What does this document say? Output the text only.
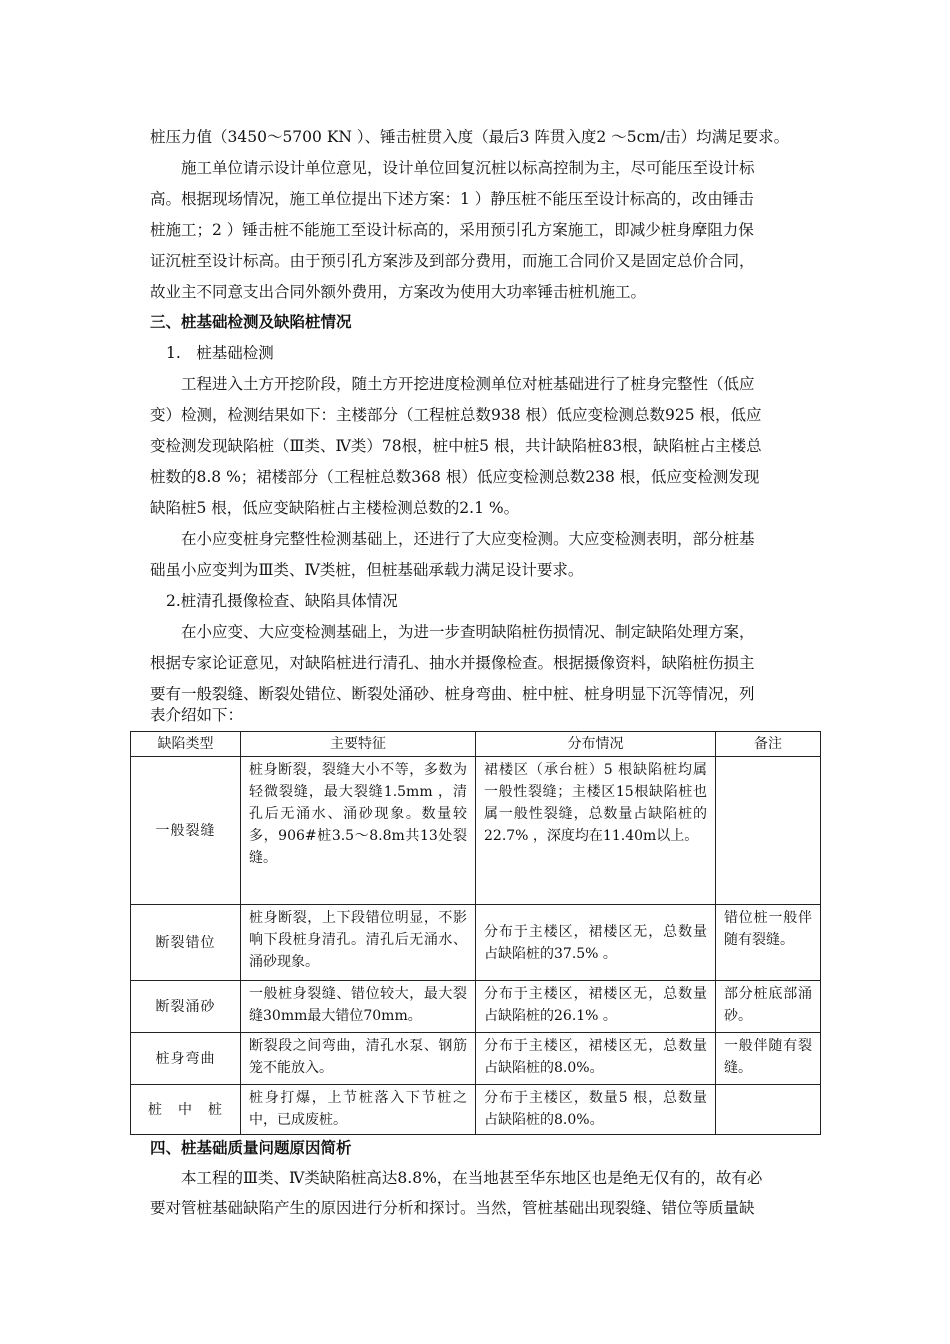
桩压力值（3450～5700 KN ）、锤击桩贯入度（最后3 阵贯入度2 ～5cm/击）均满足要求。
施工单位请示设计单位意见，设计单位回复沉桩以标高控制为主，尽可能压至设计标
高。根据现场情况，施工单位提出下述方案：1 ）静压桩不能压至设计标高的，改由锤击
桩施工；2 ）锤击桩不能施工至设计标高的，采用预引孔方案施工，即减少桩身摩阻力保
证沉桩至设计标高。由于预引孔方案涉及到部分费用，而施工合同价又是固定总价合同，
故业主不同意支出合同外额外费用，方案改为使用大功率锤击桩机施工。
三、桩基础检测及缺陷桩情况
1.　桩基础检测
工程进入土方开挖阶段，随土方开挖进度检测单位对桩基础进行了桩身完整性（低应
变）检测，检测结果如下：主楼部分（工程桩总数938 根）低应变检测总数925 根，低应
变检测发现缺陷桩（Ⅲ类、Ⅳ类）78根，桩中桩5 根，共计缺陷桩83根，缺陷桩占主楼总
桩数的8.8 %；裙楼部分（工程桩总数368 根）低应变检测总数238 根，低应变检测发现
缺陷桩5 根，低应变缺陷桩占主楼检测总数的2.1 %。
在小应变桩身完整性检测基础上，还进行了大应变检测。大应变检测表明，部分桩基
础虽小应变判为Ⅲ类、Ⅳ类桩，但桩基础承载力满足设计要求。
2.桩清孔摄像检查、缺陷具体情况
在小应变、大应变检测基础上，为进一步查明缺陷桩伤损情况、制定缺陷处理方案，
根据专家论证意见，对缺陷桩进行清孔、抽水并摄像检查。根据摄像资料，缺陷桩伤损主
要有一般裂缝、断裂处错位、断裂处涌砂、桩身弯曲、桩中桩、桩身明显下沉等情况，列
表介绍如下：
缺陷类型	主要特征	分布情况	备注
一般裂缝	桩身断裂，裂缝大小不等，多数为轻微裂缝，最大裂缝1.5mm ，清孔后无涌水、涌砂现象。数量较多，906#桩3.5～8.8m共13处裂缝。	裙楼区（承台桩）5 根缺陷桩均属一般性裂缝；主楼区15根缺陷桩也属一般性裂缝，总数量占缺陷桩的22.7% ，深度均在11.40m以上。	
断裂错位	桩身断裂，上下段错位明显，不影响下段桩身清孔。清孔后无涌水、涌砂现象。	分布于主楼区，裙楼区无，总数量占缺陷桩的37.5% 。	错位桩一般伴随有裂缝。
断裂涌砂	一般桩身裂缝、错位较大，最大裂缝30mm最大错位70mm。	分布于主楼区，裙楼区无，总数量占缺陷桩的26.1% 。	部分桩底部涌砂。
桩身弯曲	断裂段之间弯曲，清孔水泵、钢筋笼不能放入。	分布于主楼区，裙楼区无，总数量占缺陷桩的8.0%。	一般伴随有裂缝。
桩　中　桩	桩身打爆，上节桩落入下节桩之中，已成废桩。	分布于主楼区，数量5 根，总数量占缺陷桩的8.0%。	
四、桩基础质量问题原因简析
本工程的Ⅲ类、Ⅳ类缺陷桩高达8.8%，在当地甚至华东地区也是绝无仅有的，故有必
要对管桩基础缺陷产生的原因进行分析和探讨。当然，管桩基础出现裂缝、错位等质量缺
